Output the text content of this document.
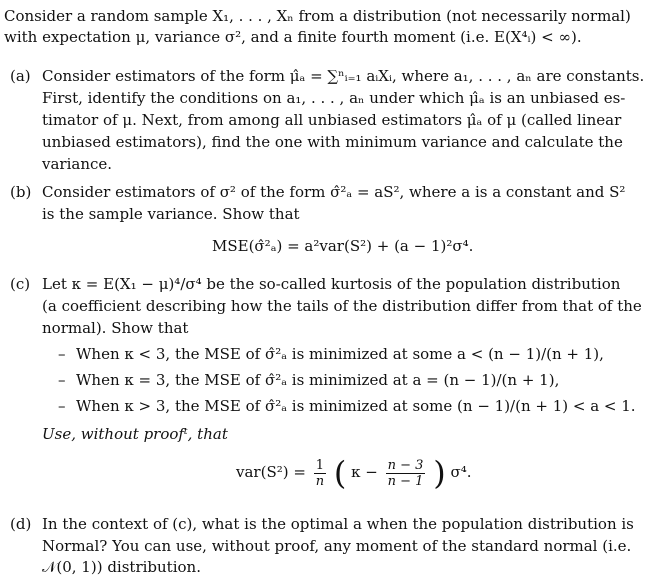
Consider a random sample X₁, . . . , Xₙ from a distribution (not necessarily normal)
with expectation μ, variance σ², and a finite fourth moment (i.e. E(X⁴ᵢ) < ∞).
(a) Consider estimators of the form μ̂ₐ = ∑ⁿᵢ₌₁ aᵢXᵢ, where a₁, . . . , aₙ are constants.
First, identify the conditions on a₁, . . . , aₙ under which μ̂ₐ is an unbiased es-
timator of μ. Next, from among all unbiased estimators μ̂ₐ of μ (called linear
unbiased estimators), find the one with minimum variance and calculate the
variance.
(b) Consider estimators of σ² of the form σ̂²ₐ = aS², where a is a constant and S²
is the sample variance. Show that
MSE(σ̂²ₐ) = a²var(S²) + (a − 1)²σ⁴.
(c) Let κ = E(X₁ − μ)⁴/σ⁴ be the so-called kurtosis of the population distribution
(a coefficient describing how the tails of the distribution differ from that of the
normal). Show that
– When κ < 3, the MSE of σ̂²ₐ is minimized at some a < (n − 1)/(n + 1),
– When κ = 3, the MSE of σ̂²ₐ is minimized at a = (n − 1)/(n + 1),
– When κ > 3, the MSE of σ̂²ₐ is minimized at some (n − 1)/(n + 1) < a < 1.
Use, without proofᵗ, that
$var(S^2) = \frac{1}{n}$ ( $\kappa - \frac{n - 3}{n - 1}$ ) σ⁴.
(d) In the context of (c), what is the optimal a when the population distribution is
Normal? You can use, without proof, any moment of the standard normal (i.e.
𝒩(0, 1)) distribution.
